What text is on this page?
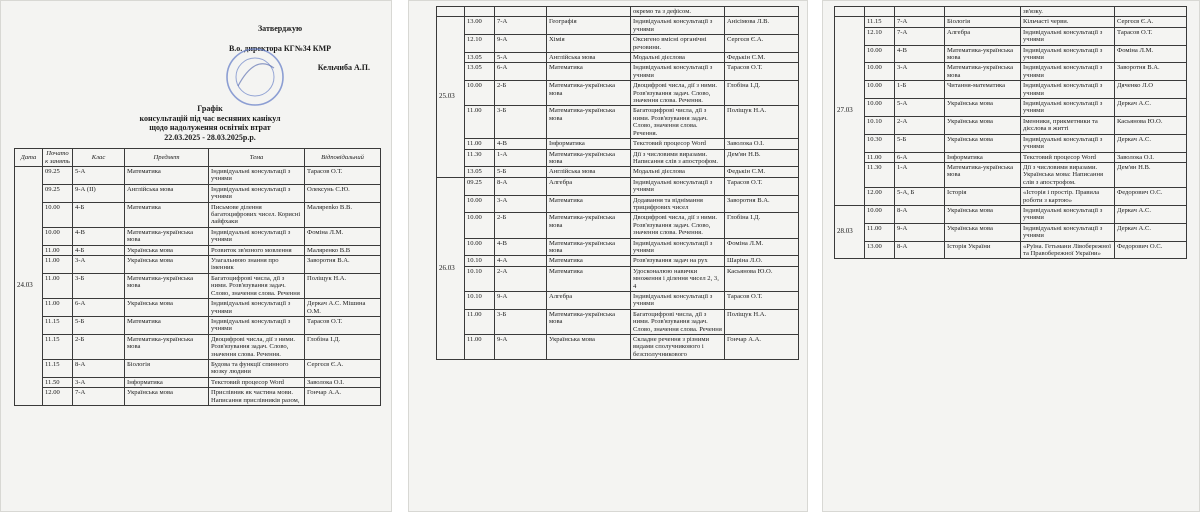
Затверджую
В.о. директора КГ№34 КМР
Кельчиба А.П.
Графік
консультацій під час весняних канікул
щодо надолуження освітніх втрат
22.03.2025 - 28.03.2025р.р.
Дата	Початок занять	Клас	Предмет	Тема	Відповідальний
24.03	09.25	5-А	Математика	Індивідуальні консультації з учнями	Тарасов О.Т.
	09.25	9-А (ІІ)	Англійська мова	Індивідуальні консультації з учнями	Олексунь С.Ю.
	10.00	4-Б	Математика	Письмове ділення багатоцифрових чисел. Корисні лайфхаки	Малярenko В.В.
	10.00	4-В	Математика-українська мова	Індивідуальні консультації з учнями	Фоміна Л.М.
	11.00	4-Б	Українська мова	Розвиток зв'язного мовлення	Маляренко В.В
	11.00	3-А	Українська мова	Узагальнюю знання про іменник	Заворотня В.А.
	11.00	3-Б	Математика-українська мова	Багатоцифрові числа, дії з ними. Розв'язування задач. Слово, значення слова. Речення	Поліщук Н.А.
	11.00	6-А	Українська мова	Індивідуальні консультації з учнями	Деркач А.С. Мішина О.М.
	11.15	5-Б	Математика	Індивідуальні консультації з учнями	Тарасов О.Т.
	11.15	2-Б	Математика-українська мова	Двоцифрові числа, дії з ними. Розв'язування задач. Слово, значення слова. Речення.	Глобіна І.Д.
	11.15	8-А	Біологія	Будова та функції спинного мозку людини	Сергєєв Є.А.
	11.50	3-А	Інформатика	Текстовий процесор Word	Заволока О.І.
	12.00	7-А	Українська мова	Прислівник як частина мови. Написання прислівників разом,	Гончар А.А.
				окремо та з дефісом.	
25.03	13.00	7-А	Географія	Індивідуальні консультації з учнями	Анісімова Л.В.
	12.10	9-А	Хімія	Оксигено вмісні органічні речовини.	Сергєєв Є.А.
	13.05	5-А	Англійська мова	Модальні дієслова	Федькін С.М.
	13.05	6-А	Математика	Індивідуальні консультації з учнями	Тарасов О.Т.
	10.00	2-Б	Математика-українська мова	Двоцифрові числа, дії з ними. Розв'язування задач. Слово, значення слова. Речення.	Глобіна І.Д.
	11.00	3-Б	Математика-українська мова	Багатоцифрові числа, дії з ними. Розв'язування задач. Слово, значення слова. Речення.	Поліщук Н.А.
	11.00	4-В	Інформатика	Текстовий процесор Word	Заволока О.І.
	11.30	1-А	Математика-українська мова	Дії з числовими виразами. Написання слів з апострофом.	Дем'ян Н.В.
	13.05	5-Б	Англійська мова	Модальні дієслова	Федькін С.М.
26.03	09.25	8-А	Алгебра	Індивідуальні консультації з учнями	Тарасов О.Т.
	10.00	3-А	Математика	Додавання та віднімання трицифрових чисел	Заворотня В.А.
	10.00	2-Б	Математика-українська мова	Двоцифрові числа, дії з ними. Розв'язування задач. Слово, значення слова. Речення.	Глобіна І.Д.
	10.00	4-В	Математика-українська мова	Індивідуальні консультації з учнями	Фоміна Л.М.
	10.10	4-А	Математика	Розв'язування задач на рух	Шаріна Л.О.
	10.10	2-А	Математика	Удосконалюю навички множення і ділення чисел 2, 3, 4	Касьянова Ю.О.
	10.10	9-А	Алгебра	Індивідуальні консультації з учнями	Тарасов О.Т.
	11.00	3-Б	Математика-українська мова	Багатоцифрові числа, дії з ними. Розв'язування задач. Слово, значення слова. Речення	Поліщук Н.А.
	11.00	9-А	Українська мова	Складне речення з різними видами сполучникового і безсполучникового	Гончар А.А.
				зв'язку.	
27.03	11.15	7-А	Біологія	Кільчасті черви.	Сергєєв Є.А.
	12.10	7-А	Алгебра	Індивідуальні консультації з учнями	Тарасов О.Т.
	10.00	4-В	Математика-українська мова	Індивідуальні консультації з учнями	Фоміна Л.М.
	10.00	3-А	Математика-українська мова	Індивідуальні консультації з учнями	Заворотня В.А.
	10.00	1-Б	Читання-математика	Індивідуальні консультації з учнями	Дяченко Л.О
	10.00	5-А	Українська мова	Індивідуальні консультації з учнями	Деркач А.С.
	10.10	2-А	Українська мова	Іменники, прикметники та дієслова в житті	Касьянова Ю.О.
	10.30	5-Б	Українська мова	Індивідуальні консультації з учнями	Деркач А.С.
	11.00	6-А	Інформатика	Текстовий процесор Word	Заволока О.І.
	11.30	1-А	Математика-українська мова	Дії з числовими виразами. Українська мова: Написання слів з апострофом.	Дем'ян Н.В.
	12.00	5-А, Б	Історія	«Історія і простір. Правила роботи з картою»	Федорович О.С.
28.03	10.00	8-А	Українська мова	Індивідуальні консультації з учнями	Деркач А.С.
	11.00	9-А	Українська мова	Індивідуальні консультації з учнями	Деркач А.С.
	13.00	8-А	Історія України	«Руїна. Гетьмани Лівобережної та Правобережної України»	Федорович О.С.
